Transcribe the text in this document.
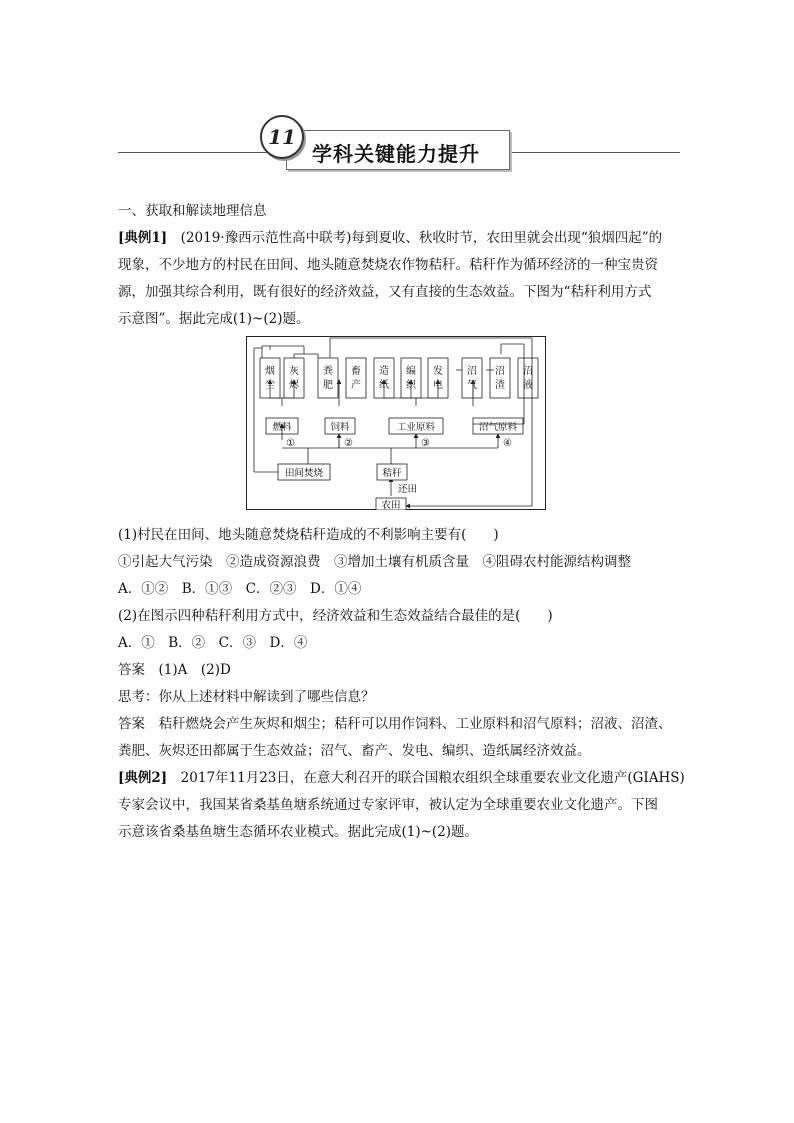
11
学科关键能力提升
一、获取和解读地理信息
[典例1]　 (2019·豫西示范性高中联考)每到夏收、秋收时节，农田里就会出现“狼烟四起”的
现象，不少地方的村民在田间、地头随意焚烧农作物秸秆。秸秆作为循环经济的一种宝贵资
源，加强其综合利用，既有很好的经济效益，又有直接的生态效益。下图为“秸秆利用方式
示意图”。据此完成(1)~(2)题。
烟
尘
灰
烬
粪
肥
畜
产
造
纸
编
织
发
电
沼
气
沼
渣
沼
液
燃料	饲料	工业原料	沼气原料
①	②	③	④
田间焚烧	秸秆
还田
农田
(1)村民在田间、地头随意焚烧秸秆造成的不利影响主要有(　　)
①引起大气污染　②造成资源浪费　③增加土壤有机质含量　④阻碍农村能源结构调整
A．①②　B．①③　C．②③　D．①④
(2)在图示四种秸秆利用方式中，经济效益和生态效益结合最佳的是(　　)
A．①　B．②　C．③　D．④
答案　(1)A　(2)D
思考：你从上述材料中解读到了哪些信息？
答案　秸秆燃烧会产生灰烬和烟尘；秸秆可以用作饲料、工业原料和沼气原料；沼液、沼渣、
粪肥、灰烬还田都属于生态效益；沼气、畜产、发电、编织、造纸属经济效益。
[典例2]　 2017年11月23日，在意大利召开的联合国粮农组织全球重要农业文化遗产(GIAHS)
专家会议中，我国某省桑基鱼塘系统通过专家评审，被认定为全球重要农业文化遗产。下图
示意该省桑基鱼塘生态循环农业模式。据此完成(1)~(2)题。
